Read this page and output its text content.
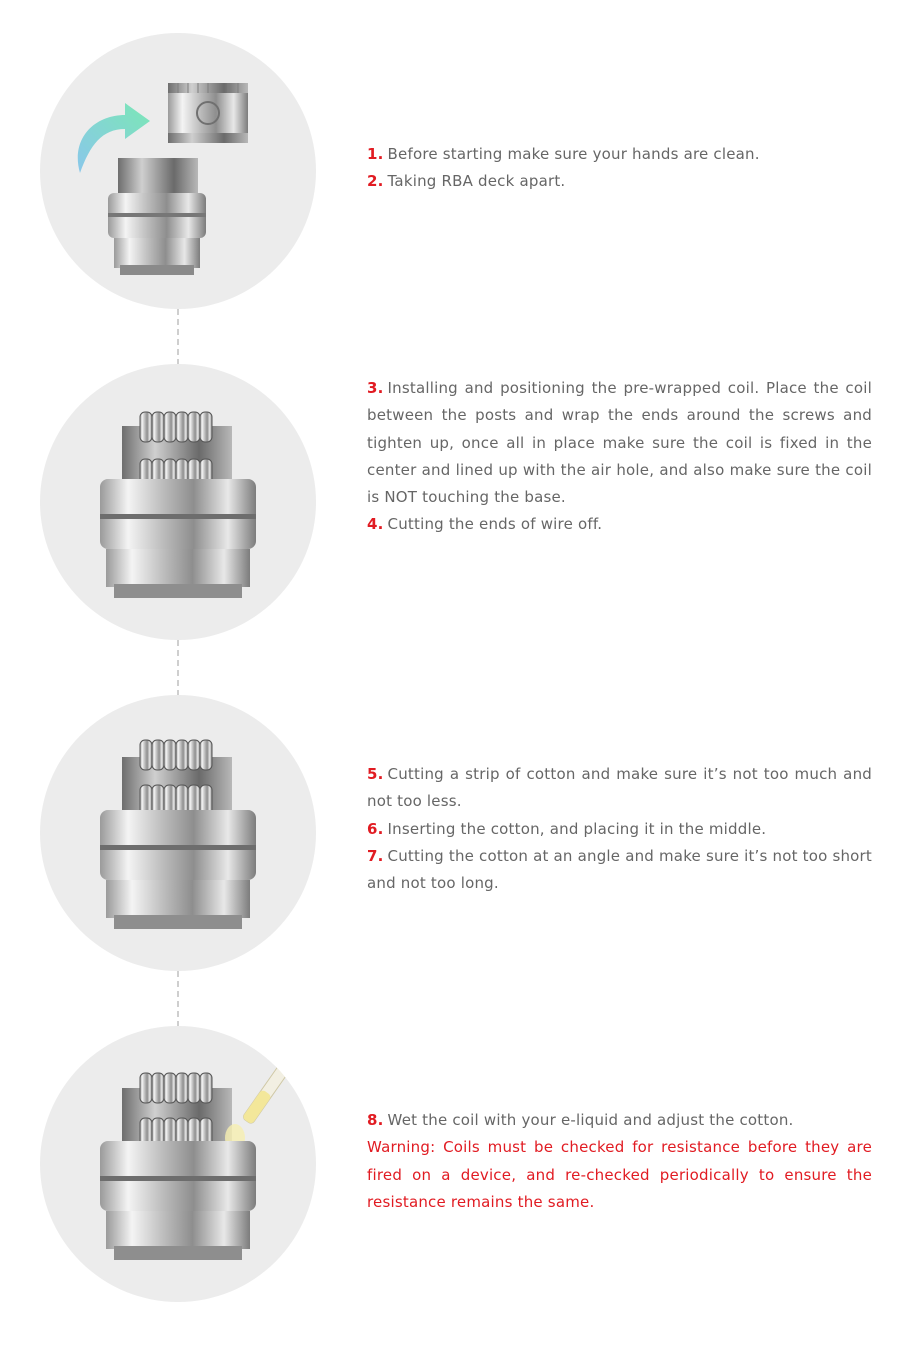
1. Before starting make sure your hands are clean.

2. Taking RBA deck apart.

3. Installing and positioning the pre-wrapped coil. Place the coil between the posts and wrap the ends around the screws and tighten up, once all in place make sure the coil is fixed in the center and lined up with the air hole, and also make sure the coil is NOT touching the base.

4. Cutting the ends of wire off.

5. Cutting a strip of cotton and make sure it’s not too much and not too less.

6. Inserting the cotton, and placing it in the middle.

7. Cutting the cotton at an angle and make sure it’s not too short and not too long.

8. Wet the coil with your e-liquid and adjust the cotton.

Warning: Coils must be checked for resistance before they are fired on a device, and re-checked periodically to ensure the resistance remains the same.
